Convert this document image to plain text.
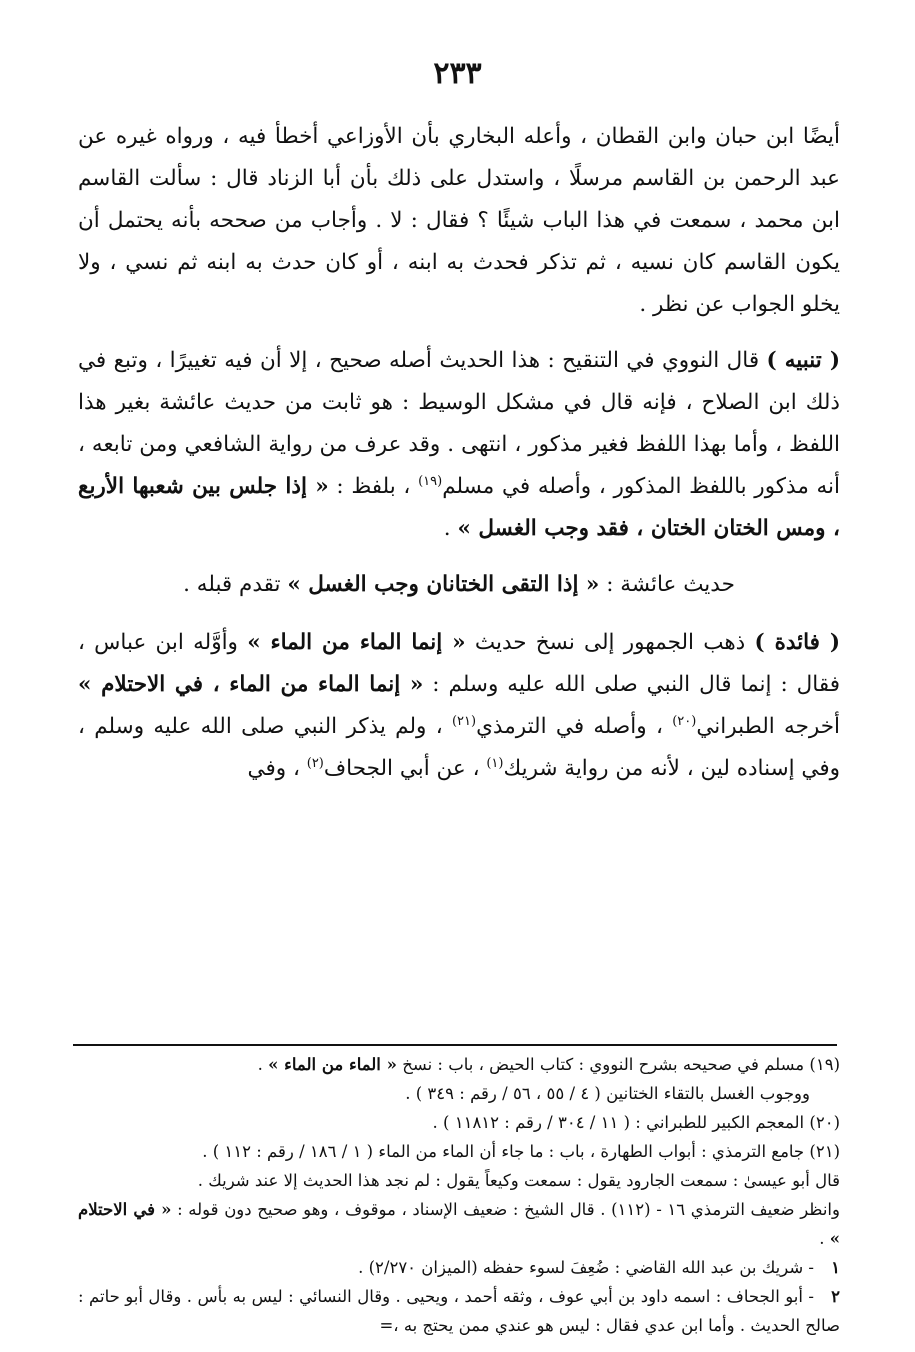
٢٣٣

أيضًا ابن حبان وابن القطان ، وأعله البخاري بأن الأوزاعي أخطأ فيه ، ورواه غيره عن عبد الرحمن بن القاسم مرسلًا ، واستدل على ذلك بأن أبا الزناد قال : سألت القاسم ابن محمد ، سمعت في هذا الباب شيئًا ؟ فقال : لا . وأجاب من صححه بأنه يحتمل أن يكون القاسم كان نسيه ، ثم تذكر فحدث به ابنه ، أو كان حدث به ابنه ثم نسي ، ولا يخلو الجواب عن نظر .

( تنبيه ) قال النووي في التنقيح : هذا الحديث أصله صحيح ، إلا أن فيه تغييرًا ، وتبع في ذلك ابن الصلاح ، فإنه قال في مشكل الوسيط : هو ثابت من حديث عائشة بغير هذا اللفظ ، وأما بهذا اللفظ فغير مذكور ، انتهى . وقد عرف من رواية الشافعي ومن تابعه ، أنه مذكور باللفظ المذكور ، وأصله في مسلم$^{(١٩)}$ ، بلفظ : « إذا جلس بين شعبها الأربع ، ومس الختان الختان ، فقد وجب الغسل » .

حديث عائشة : « إذا التقى الختانان وجب الغسل » تقدم قبله .

( فائدة ) ذهب الجمهور إلى نسخ حديث « إنما الماء من الماء » وأوَّله ابن عباس ، فقال : إنما قال النبي صلى الله عليه وسلم : « إنما الماء من الماء ، في الاحتلام » أخرجه الطبراني$^{(٢٠)}$ ، وأصله في الترمذي$^{(٢١)}$ ، ولم يذكر النبي صلى الله عليه وسلم ، وفي إسناده لين ، لأنه من رواية شريك$^{(١)}$ ، عن أبي الجحاف$^{(٢)}$ ، وفي

(١٩) مسلم في صحيحه بشرح النووي : كتاب الحيض ، باب : نسخ « الماء من الماء » .

ووجوب الغسل بالتقاء الختانين ( ٤ / ٥٥ ، ٥٦ / رقم : ٣٤٩ ) .

(٢٠) المعجم الكبير للطبراني : ( ١١ / ٣٠٤ / رقم : ١١٨١٢ ) .

(٢١) جامع الترمذي : أبواب الطهارة ، باب : ما جاء أن الماء من الماء ( ١ / ١٨٦ / رقم : ١١٢ ) .

قال أبو عيسىٰ : سمعت الجارود يقول : سمعت وكيعاً يقول : لم نجد هذا الحديث إلا عند شريك .

وانظر ضعيف الترمذي ١٦ - (١١٢) . قال الشيخ : ضعيف الإسناد ، موقوف ، وهو صحيح دون قوله : « في الاحتلام » .

١- شريك بن عبد الله القاضي : ضُعِفَ لسوء حفظه (الميزان ٢/٢٧٠) .

٢- أبو الجحاف : اسمه داود بن أبي عوف ، وثقه أحمد ، ويحيى . وقال النسائي : ليس به بأس . وقال أبو حاتم : صالح الحديث . وأما ابن عدي فقال : ليس هو عندي ممن يحتج به ،=
